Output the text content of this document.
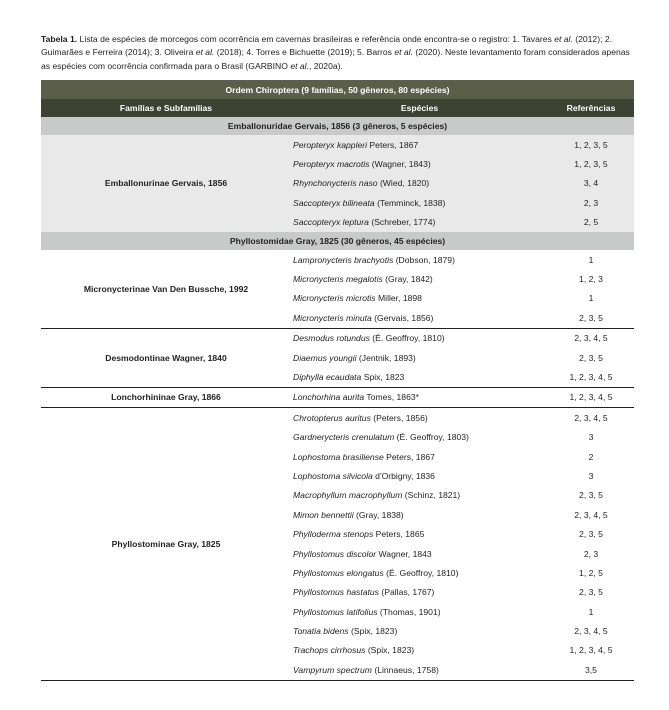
Tabela 1. Lista de espécies de morcegos com ocorrência em cavernas brasileiras e referência onde encontra-se o registro: 1. Tavares et al. (2012); 2. Guimarães e Ferreira (2014); 3. Oliveira et al. (2018); 4. Torres e Bichuette (2019); 5. Barros et al. (2020). Neste levantamento foram considerados apenas as espécies com ocorrência confirmada para o Brasil (GARBINO et al., 2020a).
Ordem Chiroptera (9 famílias, 50 gêneros, 80 espécies)		
Famílias e Subfamílias	Espécies	Referências
Emballonuridae Gervais, 1856 (3 gêneros, 5 espécies)		
Emballonurinae Gervais, 1856	Peropteryx kappleri Peters, 1867	1, 2, 3, 5
	Peropteryx macrotis (Wagner, 1843)	1, 2, 3, 5
	Rhynchonycteris naso (Wied, 1820)	3, 4
	Saccopteryx bilineata (Temminck, 1838)	2, 3
	Saccopteryx leptura (Schreber, 1774)	2, 5
Phyllostomidae Gray, 1825 (30 gêneros, 45 espécies)		
Micronycterinae Van Den Bussche, 1992	Lampronycteris brachyotis (Dobson, 1879)	1
	Micronycteris megalotis (Gray, 1842)	1, 2, 3
	Micronycteris microtis Miller, 1898	1
	Micronycteris minuta (Gervais, 1856)	2, 3, 5
Desmodontinae Wagner, 1840	Desmodus rotundus (É. Geoffroy, 1810)	2, 3, 4, 5
	Diaemus youngii (Jentnik, 1893)	2, 3, 5
	Diphylla ecaudata Spix, 1823	1, 2, 3, 4, 5
Lonchorhininae Gray, 1866	Lonchorhina aurita Tomes, 1863*	1, 2, 3, 4, 5
Phyllostominae Gray, 1825	Chrotopterus auritus (Peters, 1856)	2, 3, 4, 5
	Gardnerycteris crenulatum (É. Geoffroy, 1803)	3
	Lophostoma brasiliense Peters, 1867	2
	Lophostoma silvicola d'Orbigny, 1836	3
	Macrophyllum macrophyllum (Schinz, 1821)	2, 3, 5
	Mimon bennettii (Gray, 1838)	2, 3, 4, 5
	Phylloderma stenops Peters, 1865	2, 3, 5
	Phyllostomus discolor Wagner, 1843	2, 3
	Phyllostomus elongatus (É. Geoffroy, 1810)	1, 2, 5
	Phyllostomus hastatus (Pallas, 1767)	2, 3, 5
	Phyllostomus latifolius (Thomas, 1901)	1
	Tonatia bidens (Spix, 1823)	2, 3, 4, 5
	Trachops cirrhosus (Spix, 1823)	1, 2, 3, 4, 5
	Vampyrum spectrum (Linnaeus, 1758)	3,5
